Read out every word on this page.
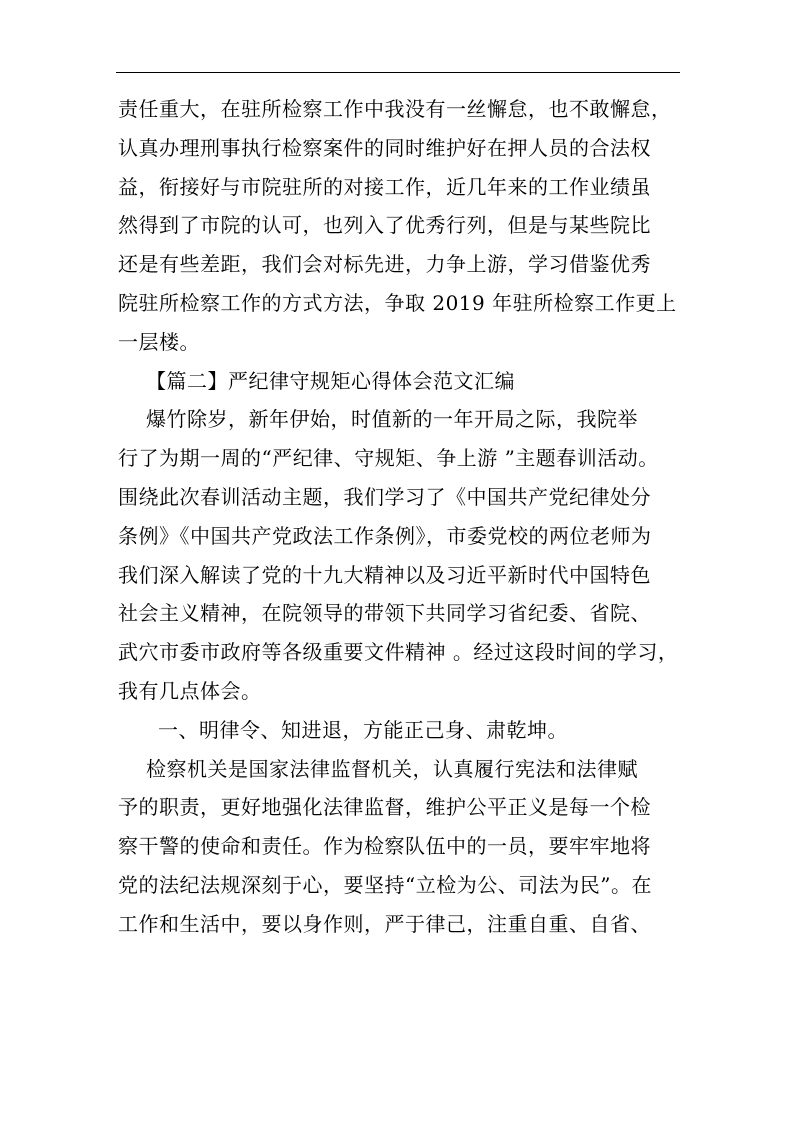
责任重大，在驻所检察工作中我没有一丝懈怠，也不敢懈怠，
认真办理刑事执行检察案件的同时维护好在押人员的合法权
益，衔接好与市院驻所的对接工作，近几年来的工作业绩虽
然得到了市院的认可，也列入了优秀行列，但是与某些院比
还是有些差距，我们会对标先进，力争上游，学习借鉴优秀
院驻所检察工作的方式方法，争取 2019 年驻所检察工作更上
一层楼。
【篇二】严纪律守规矩心得体会范文汇编
爆竹除岁，新年伊始，时值新的一年开局之际，我院举
行了为期一周的“严纪律、守规矩、争上游 ”主题春训活动。
围绕此次春训活动主题，我们学习了《中国共产党纪律处分
条例》《中国共产党政法工作条例》，市委党校的两位老师为
我们深入解读了党的十九大精神以及习近平新时代中国特色
社会主义精神，在院领导的带领下共同学习省纪委、省院、
武穴市委市政府等各级重要文件精神 。经过这段时间的学习，
我有几点体会。
一、明律令、知进退，方能正己身、肃乾坤。
检察机关是国家法律监督机关，认真履行宪法和法律赋
予的职责，更好地强化法律监督，维护公平正义是每一个检
察干警的使命和责任。作为检察队伍中的一员，要牢牢地将
党的法纪法规深刻于心，要坚持“立检为公、司法为民”。在
工作和生活中，要以身作则，严于律己，注重自重、自省、
